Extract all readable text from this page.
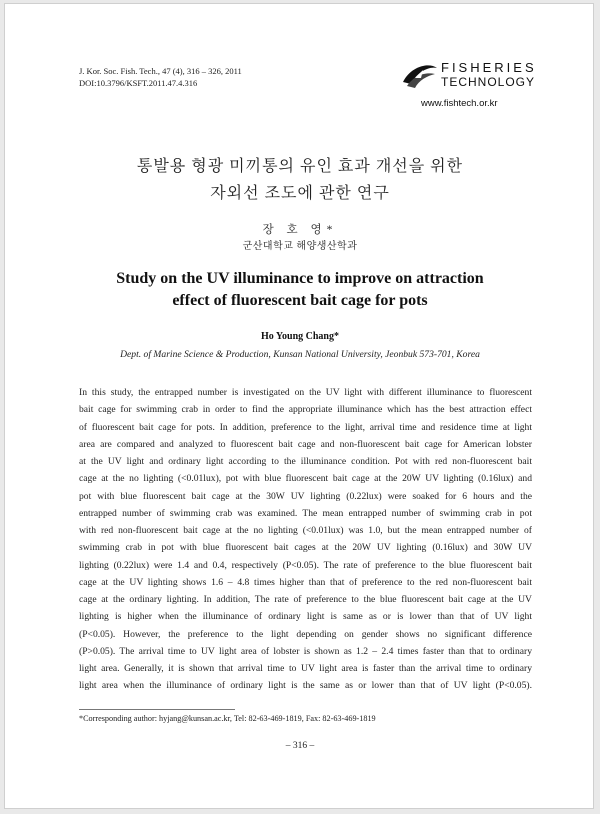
J. Kor. Soc. Fish. Tech., 47 (4), 316 – 326, 2011
DOI:10.3796/KSFT.2011.47.4.316
FISHERIES
TECHNOLOGY
www.fishtech.or.kr
통발용 형광 미끼통의 유인 효과 개선을 위한
자외선 조도에 관한 연구
장 호 영*
군산대학교 해양생산학과
Study on the UV illuminance to improve on attraction
effect of fluorescent bait cage for pots
Ho Young Chang*
Dept. of Marine Science & Production, Kunsan National University, Jeonbuk 573-701, Korea
In this study, the entrapped number is investigated on the UV light with different illuminance to fluorescent
bait cage for swimming crab in order to find the appropriate illuminance which has the best attraction effect
of fluorescent bait cage for pots. In addition, preference to the light, arrival time and residence time at light
area are compared and analyzed to fluorescent bait cage and non-fluorescent bait cage for American lobster
at the UV light and ordinary light according to the illuminance condition. Pot with red non-fluorescent bait
cage at the no lighting (<0.01lux), pot with blue fluorescent bait cage at the 20W UV lighting (0.16lux) and
pot with blue fluorescent bait cage at the 30W UV lighting (0.22lux) were soaked for 6 hours and the
entrapped number of swimming crab was examined. The mean entrapped number of swimming crab in pot
with red non-fluorescent bait cage at the no lighting (<0.01lux) was 1.0, but the mean entrapped number of
swimming crab in pot with blue fluorescent bait cages at the 20W UV lighting (0.16lux) and 30W UV
lighting (0.22lux) were 1.4 and 0.4, respectively (P<0.05). The rate of preference to the blue fluorescent bait
cage at the UV lighting shows 1.6 – 4.8 times higher than that of preference to the red non-fluorescent bait
cage at the ordinary lighting. In addition, The rate of preference to the blue fluorescent bait cage at the UV
lighting is higher when the illuminance of ordinary light is same as or is lower than that of UV light
(P<0.05). However, the preference to the light depending on gender shows no significant difference
(P>0.05). The arrival time to UV light area of lobster is shown as 1.2 – 2.4 times faster than that to ordinary
light area. Generally, it is shown that arrival time to UV light area is faster than the arrival time to ordinary
light area when the illuminance of ordinary light is the same as or lower than that of UV light (P<0.05).
*Corresponding author: hyjang@kunsan.ac.kr, Tel: 82-63-469-1819, Fax: 82-63-469-1819
– 316 –
